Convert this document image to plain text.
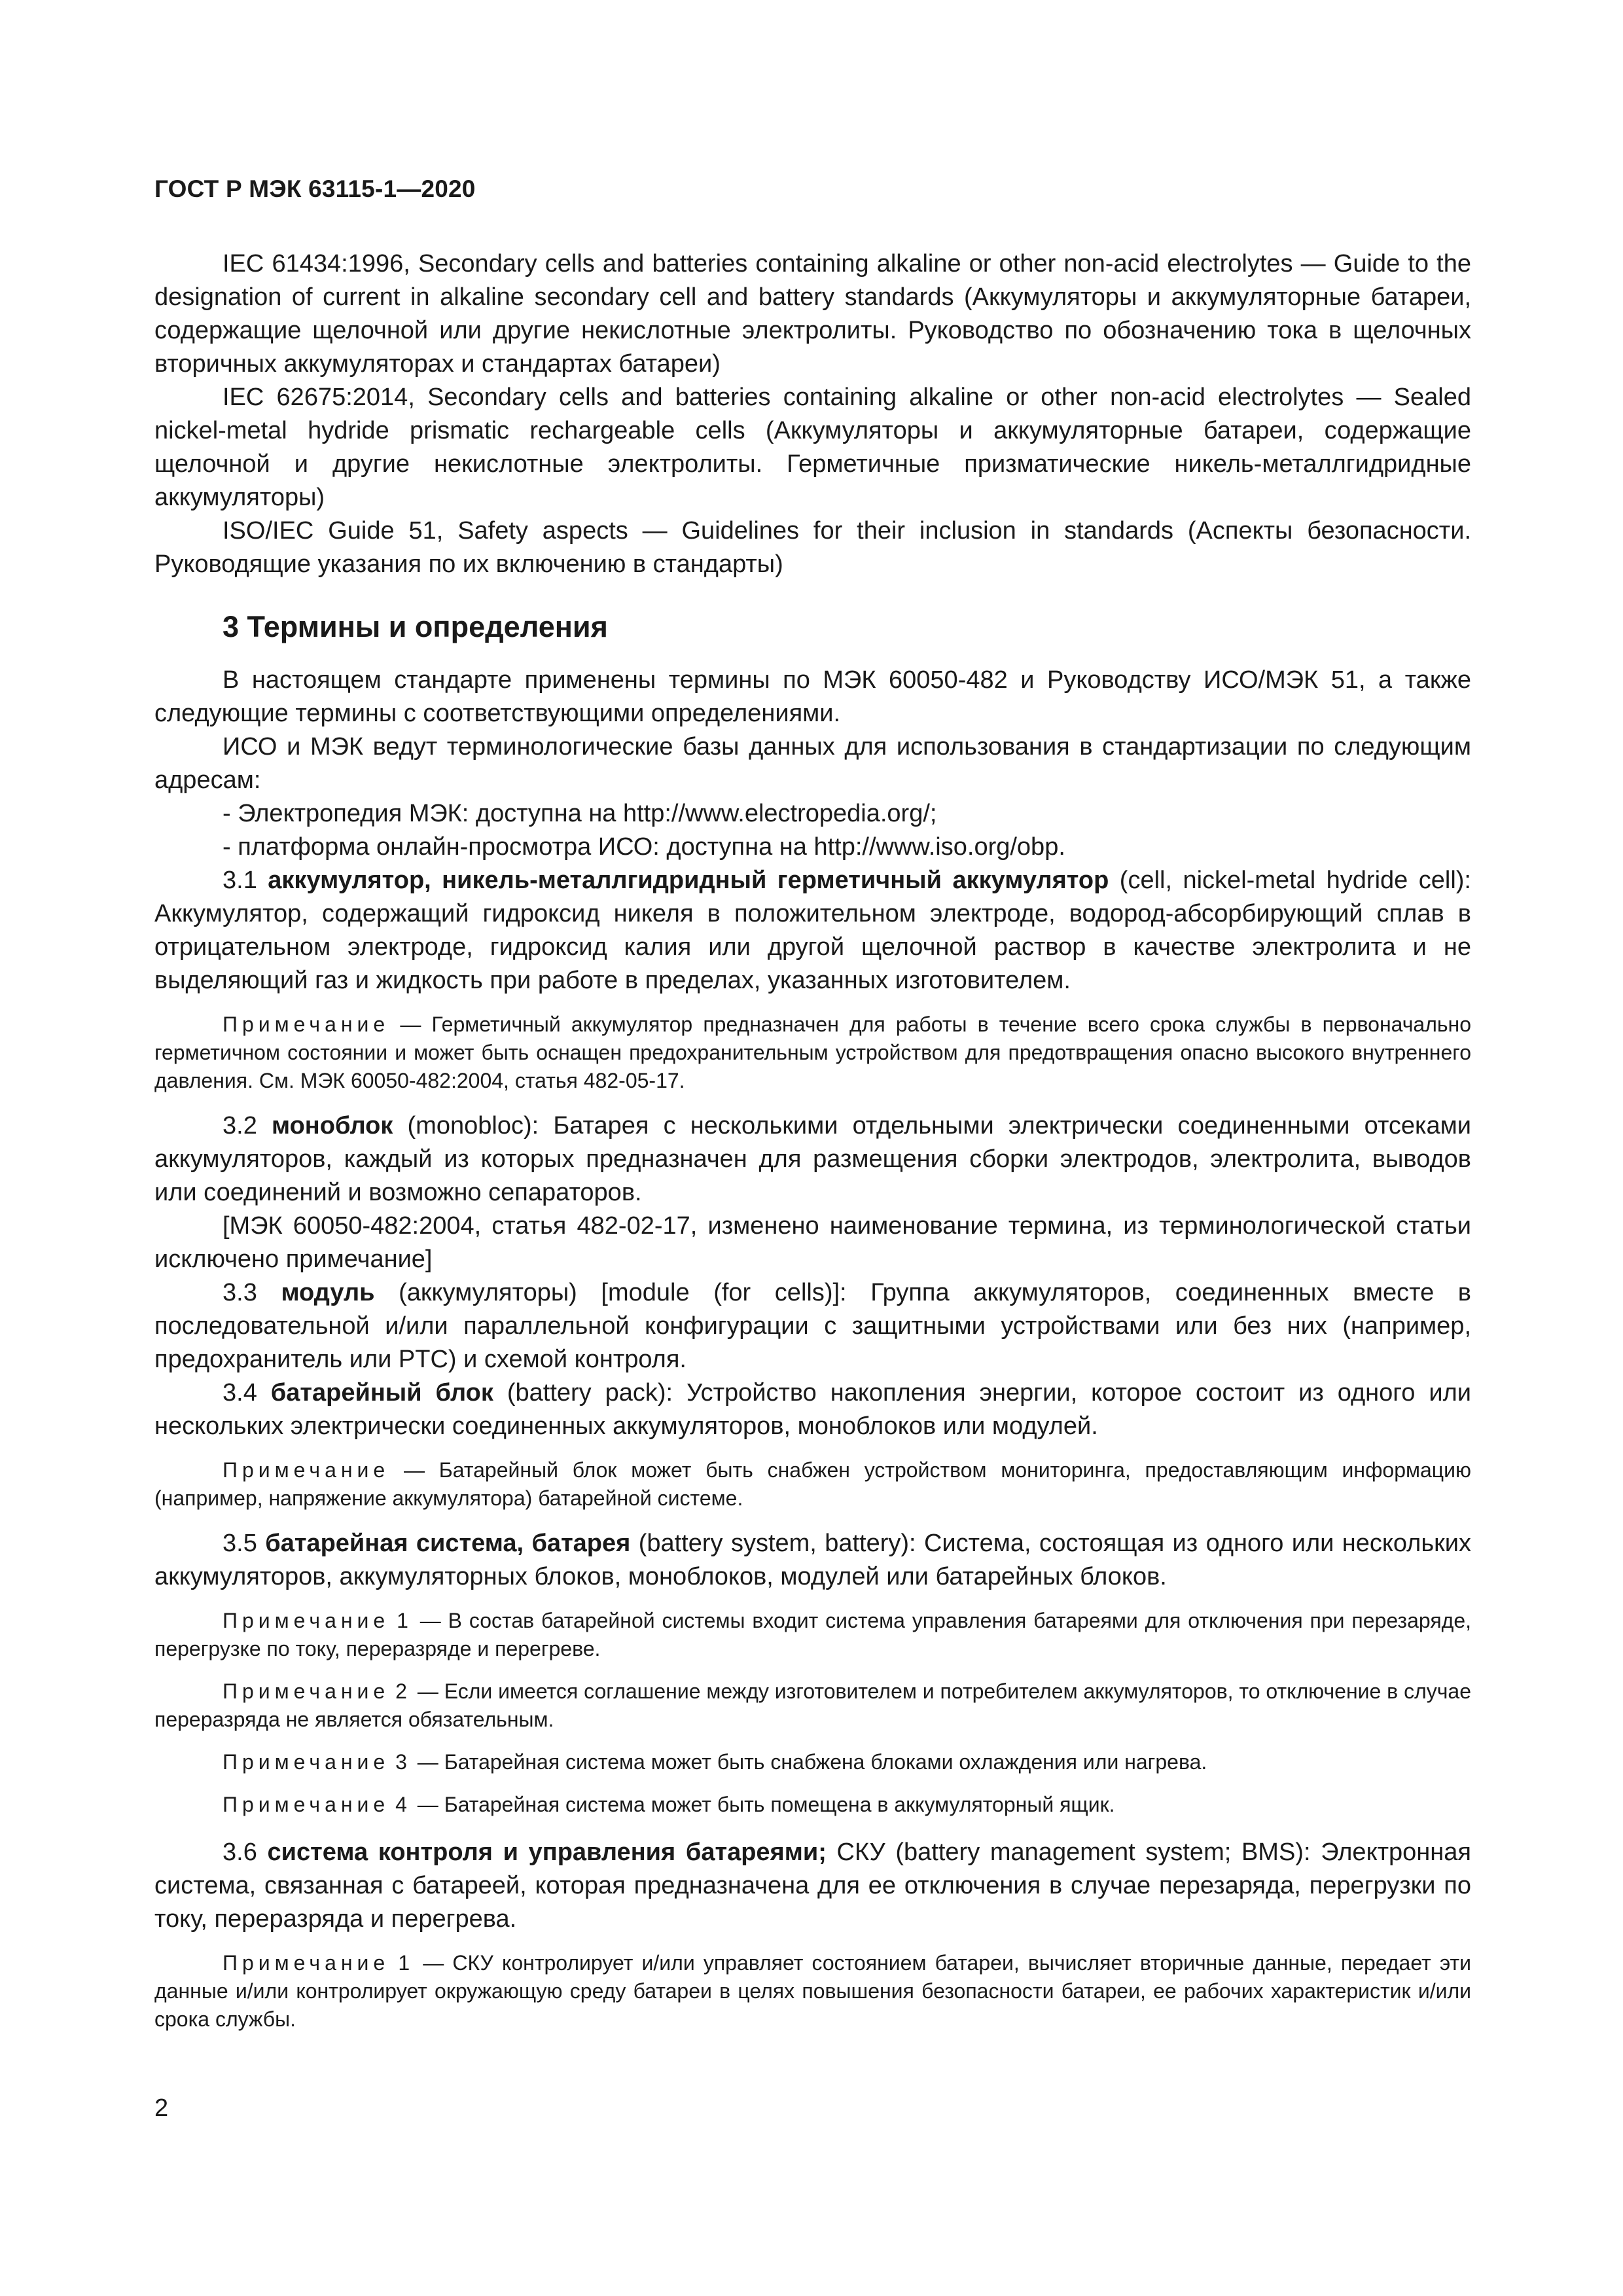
ГОСТ Р МЭК 63115-1—2020

IEC 61434:1996, Secondary cells and batteries containing alkaline or other non-acid electrolytes — Guide to the designation of current in alkaline secondary cell and battery standards (Аккумуляторы и аккумуляторные батареи, содержащие щелочной или другие некислотные электролиты. Руководство по обозначению тока в щелочных вторичных аккумуляторах и стандартах батареи)

IEC 62675:2014, Secondary cells and batteries containing alkaline or other non-acid electrolytes — Sealed nickel-metal hydride prismatic rechargeable cells (Аккумуляторы и аккумуляторные батареи, содержащие щелочной и другие некислотные электролиты. Герметичные призматические никель-металлгидридные аккумуляторы)

ISO/IEC Guide 51, Safety aspects — Guidelines for their inclusion in standards (Аспекты безопасности. Руководящие указания по их включению в стандарты)

3 Термины и определения

В настоящем стандарте применены термины по МЭК 60050-482 и Руководству ИСО/МЭК 51, а также следующие термины с соответствующими определениями.

ИСО и МЭК ведут терминологические базы данных для использования в стандартизации по следующим адресам:

- Электропедия МЭК: доступна на http://www.electropedia.org/;

- платформа онлайн-просмотра ИСО: доступна на http://www.iso.org/obp.

3.1 аккумулятор, никель-металлгидридный герметичный аккумулятор (cell, nickel-metal hydride cell): Аккумулятор, содержащий гидроксид никеля в положительном электроде, водород-абсорбирующий сплав в отрицательном электроде, гидроксид калия или другой щелочной раствор в качестве электролита и не выделяющий газ и жидкость при работе в пределах, указанных изготовителем.

Примечание — Герметичный аккумулятор предназначен для работы в течение всего срока службы в первоначально герметичном состоянии и может быть оснащен предохранительным устройством для предотвращения опасно высокого внутреннего давления. См. МЭК 60050-482:2004, статья 482-05-17.

3.2 моноблок (monobloc): Батарея с несколькими отдельными электрически соединенными отсеками аккумуляторов, каждый из которых предназначен для размещения сборки электродов, электролита, выводов или соединений и возможно сепараторов.

[МЭК 60050-482:2004, статья 482-02-17, изменено наименование термина, из терминологической статьи исключено примечание]

3.3 модуль (аккумуляторы) [module (for cells)]: Группа аккумуляторов, соединенных вместе в последовательной и/или параллельной конфигурации с защитными устройствами или без них (например, предохранитель или PTC) и схемой контроля.

3.4 батарейный блок (battery pack): Устройство накопления энергии, которое состоит из одного или нескольких электрически соединенных аккумуляторов, моноблоков или модулей.

Примечание — Батарейный блок может быть снабжен устройством мониторинга, предоставляющим информацию (например, напряжение аккумулятора) батарейной системе.

3.5 батарейная система, батарея (battery system, battery): Система, состоящая из одного или нескольких аккумуляторов, аккумуляторных блоков, моноблоков, модулей или батарейных блоков.

Примечание 1 — В состав батарейной системы входит система управления батареями для отключения при перезаряде, перегрузке по току, переразряде и перегреве.

Примечание 2 — Если имеется соглашение между изготовителем и потребителем аккумуляторов, то отключение в случае переразряда не является обязательным.

Примечание 3 — Батарейная система может быть снабжена блоками охлаждения или нагрева.

Примечание 4 — Батарейная система может быть помещена в аккумуляторный ящик.

3.6 система контроля и управления батареями; СКУ (battery management system; BMS): Электронная система, связанная с батареей, которая предназначена для ее отключения в случае перезаряда, перегрузки по току, переразряда и перегрева.

Примечание 1 — СКУ контролирует и/или управляет состоянием батареи, вычисляет вторичные данные, передает эти данные и/или контролирует окружающую среду батареи в целях повышения безопасности батареи, ее рабочих характеристик и/или срока службы.

2
